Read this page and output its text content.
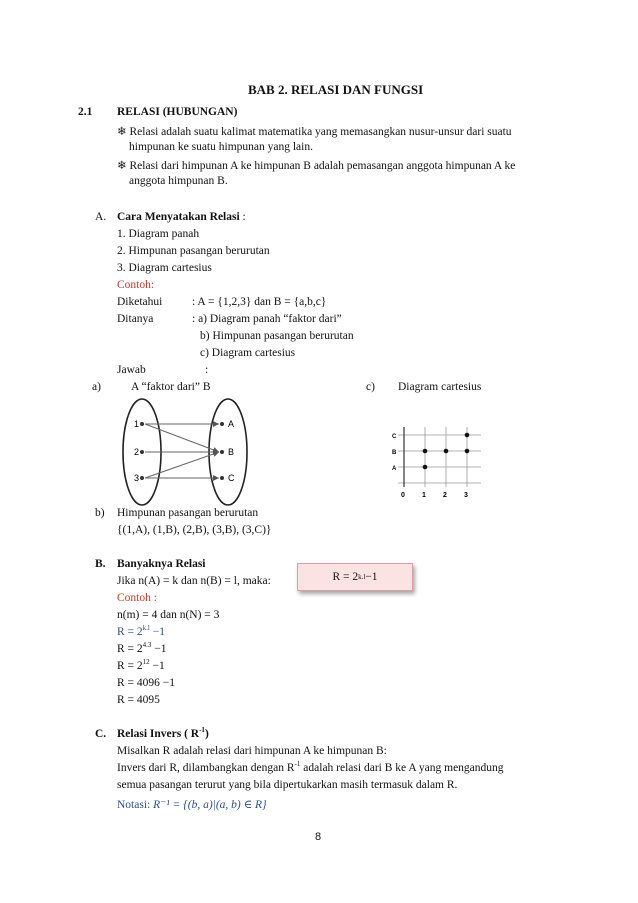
BAB 2. RELASI DAN FUNGSI
2.1 RELASI (HUBUNGAN)
❄ Relasi adalah suatu kalimat matematika yang memasangkan nusur-unsur dari suatu
himpunan ke suatu himpunan yang lain.
❄ Relasi dari himpunan A ke himpunan B adalah pemasangan anggota himpunan A ke
anggota himpunan B.
A. Cara Menyatakan Relasi :
1. Diagram panah
2. Himpunan pasangan berurutan
3. Diagram cartesius
Contoh:
Diketahui	: A = {1,2,3} dan B = {a,b,c}
Ditanya	: a) Diagram panah “faktor dari”
b) Himpunan pasangan berurutan
c) Diagram cartesius
Jawab	:
a)	A “faktor dari” B	c) Diagram cartesius
1
2
3
A
B
C
0 1 2 3
A
B
C
b) Himpunan pasangan berurutan
{(1,A), (1,B), (2,B), (3,B), (3,C)}
B. Banyaknya Relasi
Jika n(A) = k dan n(B) = l, maka:	R = 2 k.l −1
Contoh :
n(m) = 4 dan n(N) = 3
$R = 2^{k.l} -1$
$R = 2^{4.3} -1$
$R = 2^{12} -1$
R = 4096 −1
R = 4095
C. Relasi Invers ( $R^{-1}$)
Misalkan R adalah relasi dari himpunan A ke himpunan B:
Invers dari R, dilambangkan dengan $R^{-1}$ adalah relasi dari B ke A yang mengandung
semua pasangan terurut yang bila dipertukarkan masih termasuk dalam R.
Notasi: R⁻¹ = {(b, a)|(a, b) ∈ R}
8
